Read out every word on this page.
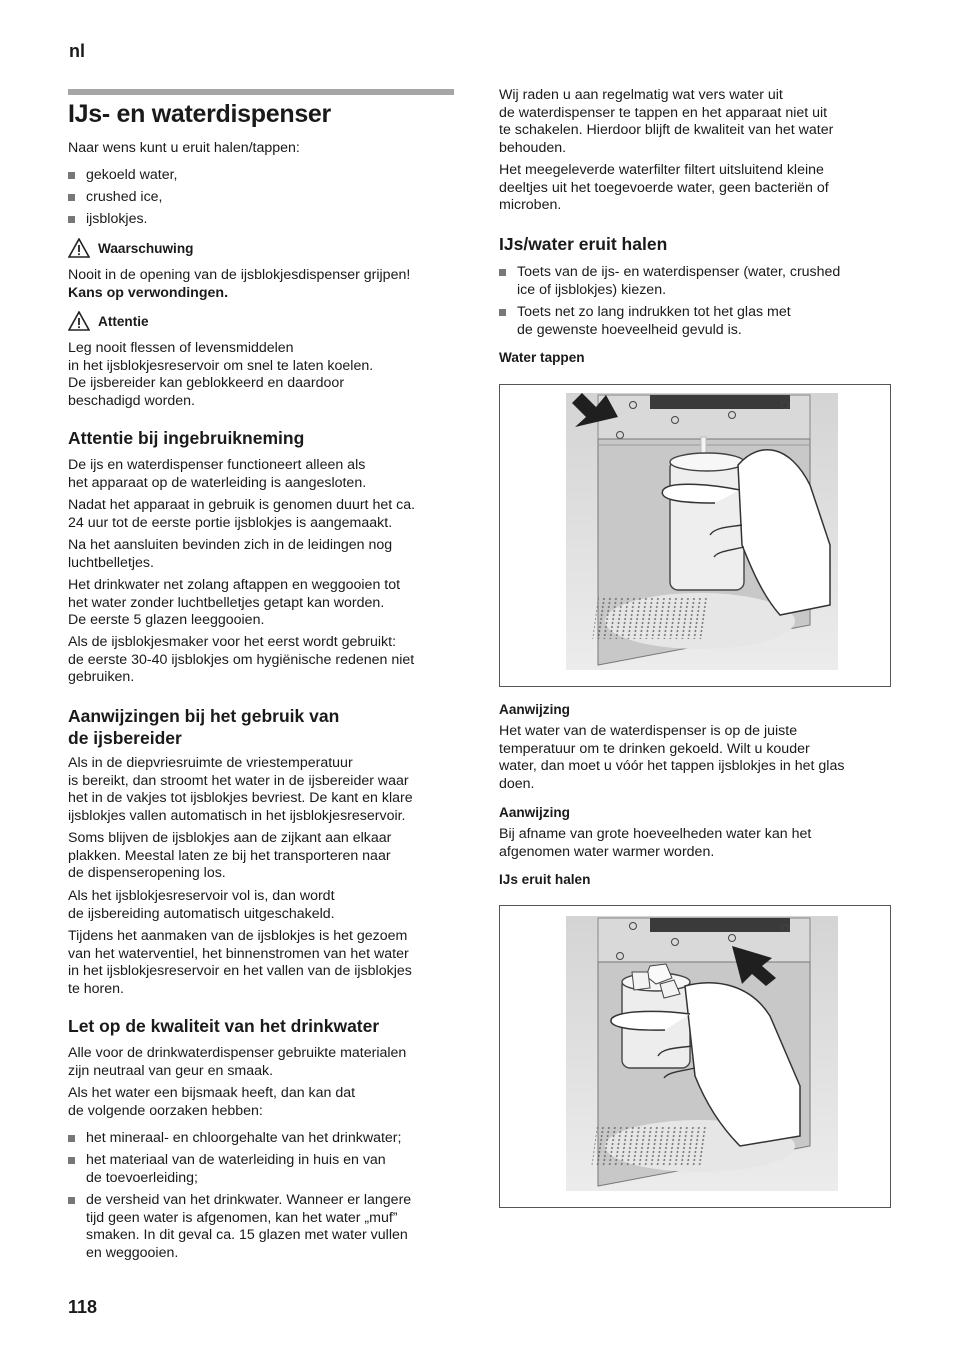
nl
IJs- en waterdispenser
Naar wens kunt u eruit halen/tappen:
gekoeld water,
crushed ice,
ijsblokjes.
Waarschuwing
Nooit in de opening van de ijsblokjesdispenser grijpen!
Kans op verwondingen.
Attentie
Leg nooit flessen of levensmiddelen
in het ijsblokjesreservoir om snel te laten koelen.
De ijsbereider kan geblokkeerd en daardoor
beschadigd worden.
Attentie bij ingebruikneming
De ijs en waterdispenser functioneert alleen als
het apparaat op de waterleiding is aangesloten.
Nadat het apparaat in gebruik is genomen duurt het ca.
24 uur tot de eerste portie ijsblokjes is aangemaakt.
Na het aansluiten bevinden zich in de leidingen nog
luchtbelletjes.
Het drinkwater net zolang aftappen en weggooien tot
het water zonder luchtbelletjes getapt kan worden.
De eerste 5 glazen leeggooien.
Als de ijsblokjesmaker voor het eerst wordt gebruikt:
de eerste 30-40 ijsblokjes om hygiënische redenen niet
gebruiken.
Aanwijzingen bij het gebruik van
de ijsbereider
Als in de diepvriesruimte de vriestemperatuur
is bereikt, dan stroomt het water in de ijsbereider waar
het in de vakjes tot ijsblokjes bevriest. De kant en klare
ijsblokjes vallen automatisch in het ijsblokjesreservoir.
Soms blijven de ijsblokjes aan de zijkant aan elkaar
plakken. Meestal laten ze bij het transporteren naar
de dispenseropening los.
Als het ijsblokjesreservoir vol is, dan wordt
de ijsbereiding automatisch uitgeschakeld.
Tijdens het aanmaken van de ijsblokjes is het gezoem
van het waterventiel, het binnenstromen van het water
in het ijsblokjesreservoir en het vallen van de ijsblokjes
te horen.
Let op de kwaliteit van het drinkwater
Alle voor de drinkwaterdispenser gebruikte materialen
zijn neutraal van geur en smaak.
Als het water een bijsmaak heeft, dan kan dat
de volgende oorzaken hebben:
het mineraal- en chloorgehalte van het drinkwater;
het materiaal van de waterleiding in huis en van
de toevoerleiding;
de versheid van het drinkwater. Wanneer er langere
tijd geen water is afgenomen, kan het water „muf”
smaken. In dit geval ca. 15 glazen met water vullen
en weggooien.
118
Wij raden u aan regelmatig wat vers water uit
de waterdispenser te tappen en het apparaat niet uit
te schakelen. Hierdoor blijft de kwaliteit van het water
behouden.
Het meegeleverde waterfilter filtert uitsluitend kleine
deeltjes uit het toegevoerde water, geen bacteriën of
microben.
IJs/water eruit halen
Toets van de ijs- en waterdispenser (water, crushed
ice of ijsblokjes) kiezen.
Toets net zo lang indrukken tot het glas met
de gewenste hoeveelheid gevuld is.
Water tappen
Aanwijzing
Het water van de waterdispenser is op de juiste
temperatuur om te drinken gekoeld. Wilt u kouder
water, dan moet u vóór het tappen ijsblokjes in het glas
doen.
Aanwijzing
Bij afname van grote hoeveelheden water kan het
afgenomen water warmer worden.
IJs eruit halen
